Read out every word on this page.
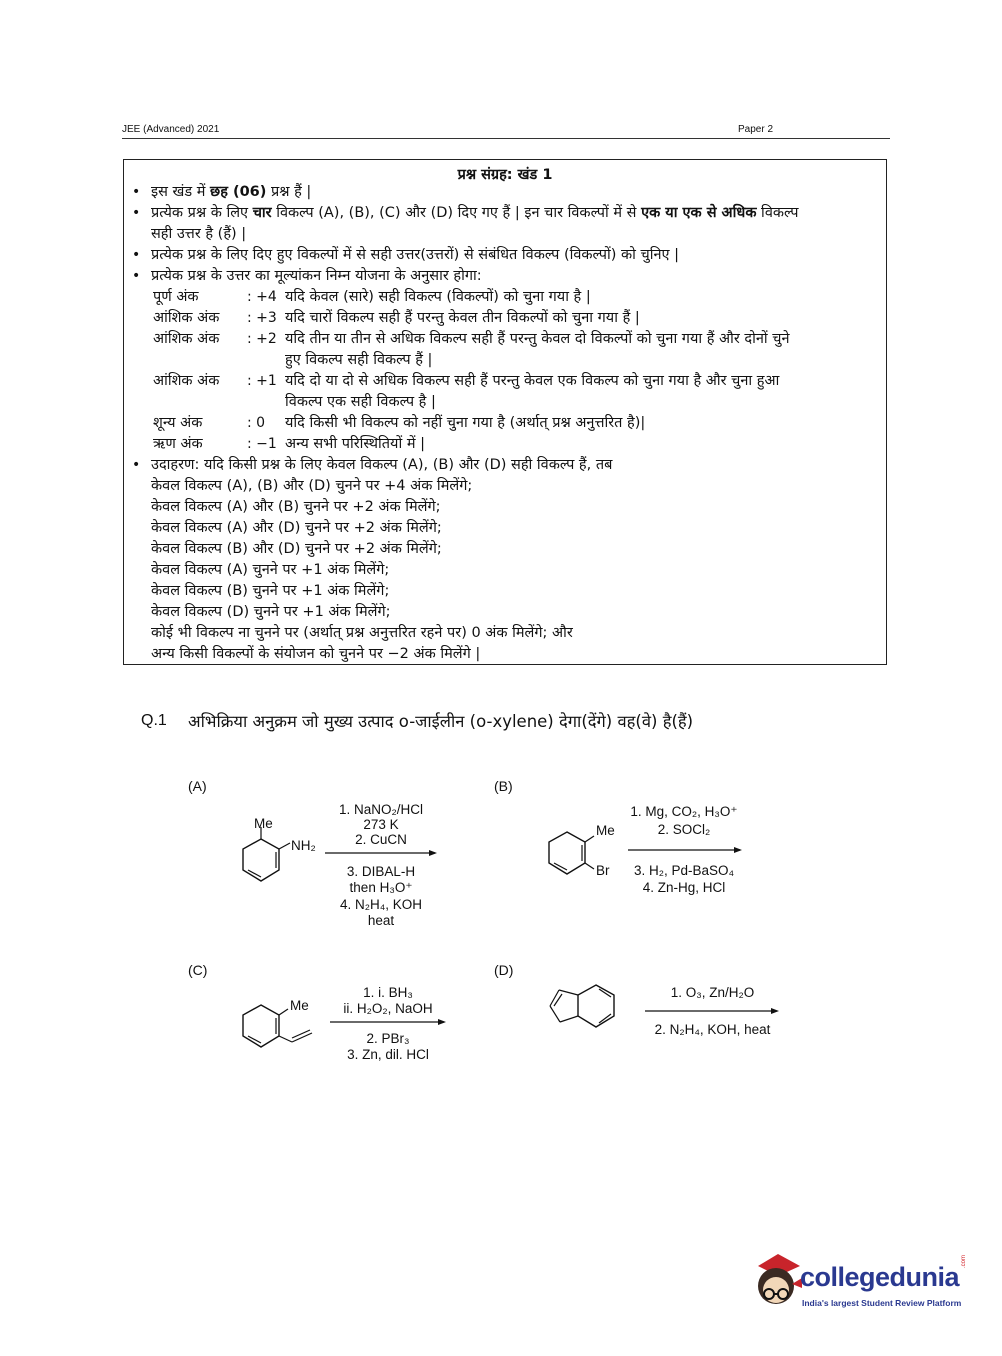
JEE (Advanced) 2021	Paper 2
प्रश्न संग्रह: खंड 1
• इस खंड में छह (06) प्रश्न हैं |
• प्रत्येक प्रश्न के लिए चार विकल्प (A), (B), (C) और (D) दिए गए हैं | इन चार विकल्पों में से एक या एक से अधिक विकल्प
सही उत्तर है (हैं) |
• प्रत्येक प्रश्न के लिए दिए हुए विकल्पों में से सही उत्तर(उत्तरों) से संबंधित विकल्प (विकल्पों) को चुनिए |
• प्रत्येक प्रश्न के उत्तर का मूल्यांकन निम्न योजना के अनुसार होगा:
पूर्ण अंक	: +4 यदि केवल (सारे) सही विकल्प (विकल्पों) को चुना गया है |
आंशिक अंक : +3 यदि चारों विकल्प सही हैं परन्तु केवल तीन विकल्पों को चुना गया हैं |
आंशिक अंक : +2 यदि तीन या तीन से अधिक विकल्प सही हैं परन्तु केवल दो विकल्पों को चुना गया हैं और दोनों चुने
हुए विकल्प सही विकल्प हैं |
आंशिक अंक : +1 यदि दो या दो से अधिक विकल्प सही हैं परन्तु केवल एक विकल्प को चुना गया है और चुना हुआ
विकल्प एक सही विकल्प है |
शून्य अंक	: 0 यदि किसी भी विकल्प को नहीं चुना गया है (अर्थात् प्रश्न अनुत्तरित है)|
ऋण अंक	: −1 अन्य सभी परिस्थितियों में |
• उदाहरण: यदि किसी प्रश्न के लिए केवल विकल्प (A), (B) और (D) सही विकल्प हैं, तब
केवल विकल्प (A), (B) और (D) चुनने पर +4 अंक मिलेंगे;
केवल विकल्प (A) और (B) चुनने पर +2 अंक मिलेंगे;
केवल विकल्प (A) और (D) चुनने पर +2 अंक मिलेंगे;
केवल विकल्प (B) और (D) चुनने पर +2 अंक मिलेंगे;
केवल विकल्प (A) चुनने पर +1 अंक मिलेंगे;
केवल विकल्प (B) चुनने पर +1 अंक मिलेंगे;
केवल विकल्प (D) चुनने पर +1 अंक मिलेंगे;
कोई भी विकल्प ना चुनने पर (अर्थात् प्रश्न अनुत्तरित रहने पर) 0 अंक मिलेंगे; और
अन्य किसी विकल्पों के संयोजन को चुनने पर −2 अंक मिलेंगे |
Q.1 अभिक्रिया अनुक्रम जो मुख्य उत्पाद o-जाईलीन (o-xylene) देगा(देंगे) वह(वे) है(हैं)
(A)
Me
NH₂
1. NaNO₂/HCl
273 K
2. CuCN
3. DIBAL-H
then H₃O⁺
4. N₂H₄, KOH
heat
(B)
Me
Br
1. Mg, CO₂, H₃O⁺
2. SOCl₂
3. H₂, Pd-BaSO₄
4. Zn-Hg, HCl
(C)
Me
1. i. BH₃
ii. H₂O₂, NaOH
2. PBr₃
3. Zn, dil. HCl
(D)
1. O₃, Zn/H₂O
2. N₂H₄, KOH, heat
collegedunia
.com
India's largest Student Review Platform
